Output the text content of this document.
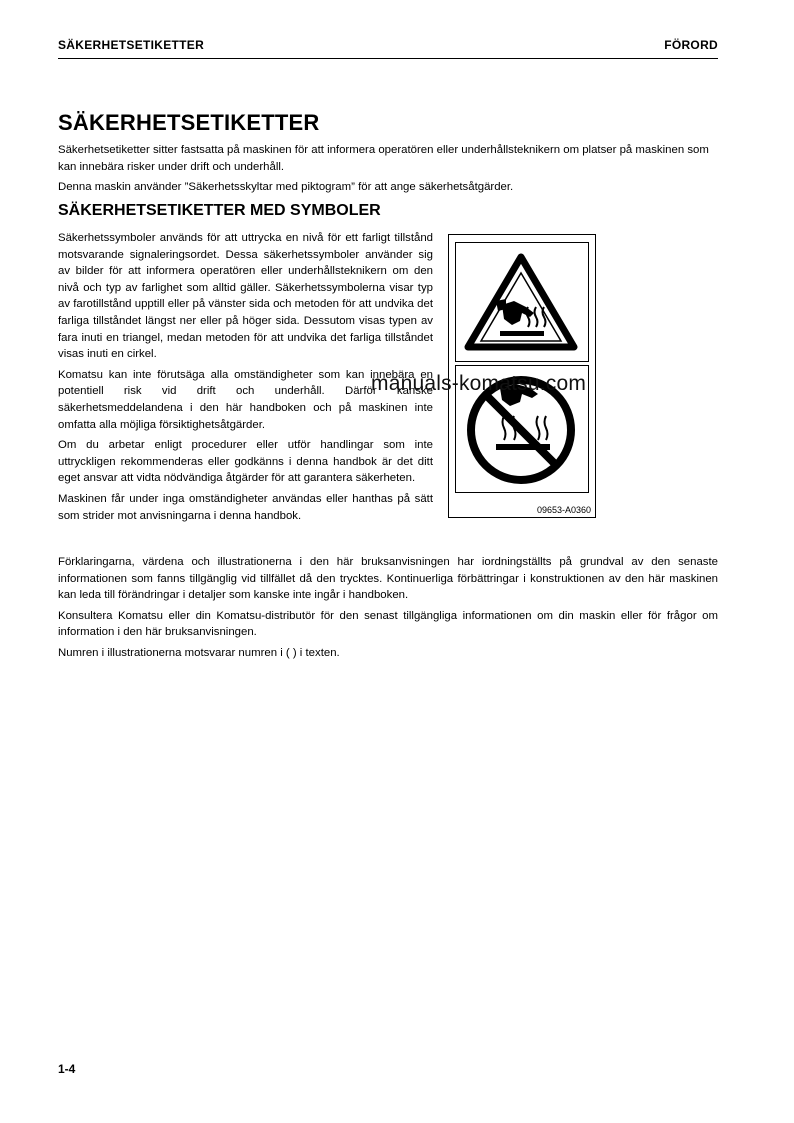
SÄKERHETSETIKETTER	FÖRORD
SÄKERHETSETIKETTER

Säkerhetsetiketter sitter fastsatta på maskinen för att informera operatören eller underhållsteknikern om platser på maskinen som kan innebära risker under drift och underhåll.

Denna maskin använder ”Säkerhetsskyltar med piktogram” för att ange säkerhetsåtgärder.

SÄKERHETSETIKETTER MED SYMBOLER

Säkerhetssymboler används för att uttrycka en nivå för ett farligt tillstånd motsvarande signaleringsordet. Dessa säkerhetssymboler använder sig av bilder för att informera operatören eller underhållsteknikern om den nivå och typ av farlighet som alltid gäller. Säkerhetssymbolerna visar typ av farotillstånd upptill eller på vänster sida och metoden för att undvika det farliga tillståndet längst ner eller på höger sida. Dessutom visas typen av fara inuti en triangel, medan metoden för att undvika det farliga tillståndet visas inuti en cirkel.

Komatsu kan inte förutsäga alla omständigheter som kan innebära en potentiell risk vid drift och underhåll. Därför kanske säkerhetsmeddelandena i den här handboken och på maskinen inte omfatta alla möjliga försiktighetsåtgärder.

Om du arbetar enligt procedurer eller utför handlingar som inte uttryckligen rekommenderas eller godkänns i denna handbok är det ditt eget ansvar att vidta nödvändiga åtgärder för att garantera säkerheten.

Maskinen får under inga omständigheter användas eller hanthas på sätt som strider mot anvisningarna i denna handbok.	09653-A0360
manuals-komatsu.com

Förklaringarna, värdena och illustrationerna i den här bruksanvisningen har iordningställts på grundval av den senaste informationen som fanns tillgänglig vid tillfället då den trycktes. Kontinuerliga förbättringar i konstruktionen av den här maskinen kan leda till förändringar i detaljer som kanske inte ingår i handboken.

Konsultera Komatsu eller din Komatsu-distributör för den senast tillgängliga informationen om din maskin eller för frågor om information i den här bruksanvisningen.

Numren i illustrationerna motsvarar numren i ( ) i texten.

1-4
